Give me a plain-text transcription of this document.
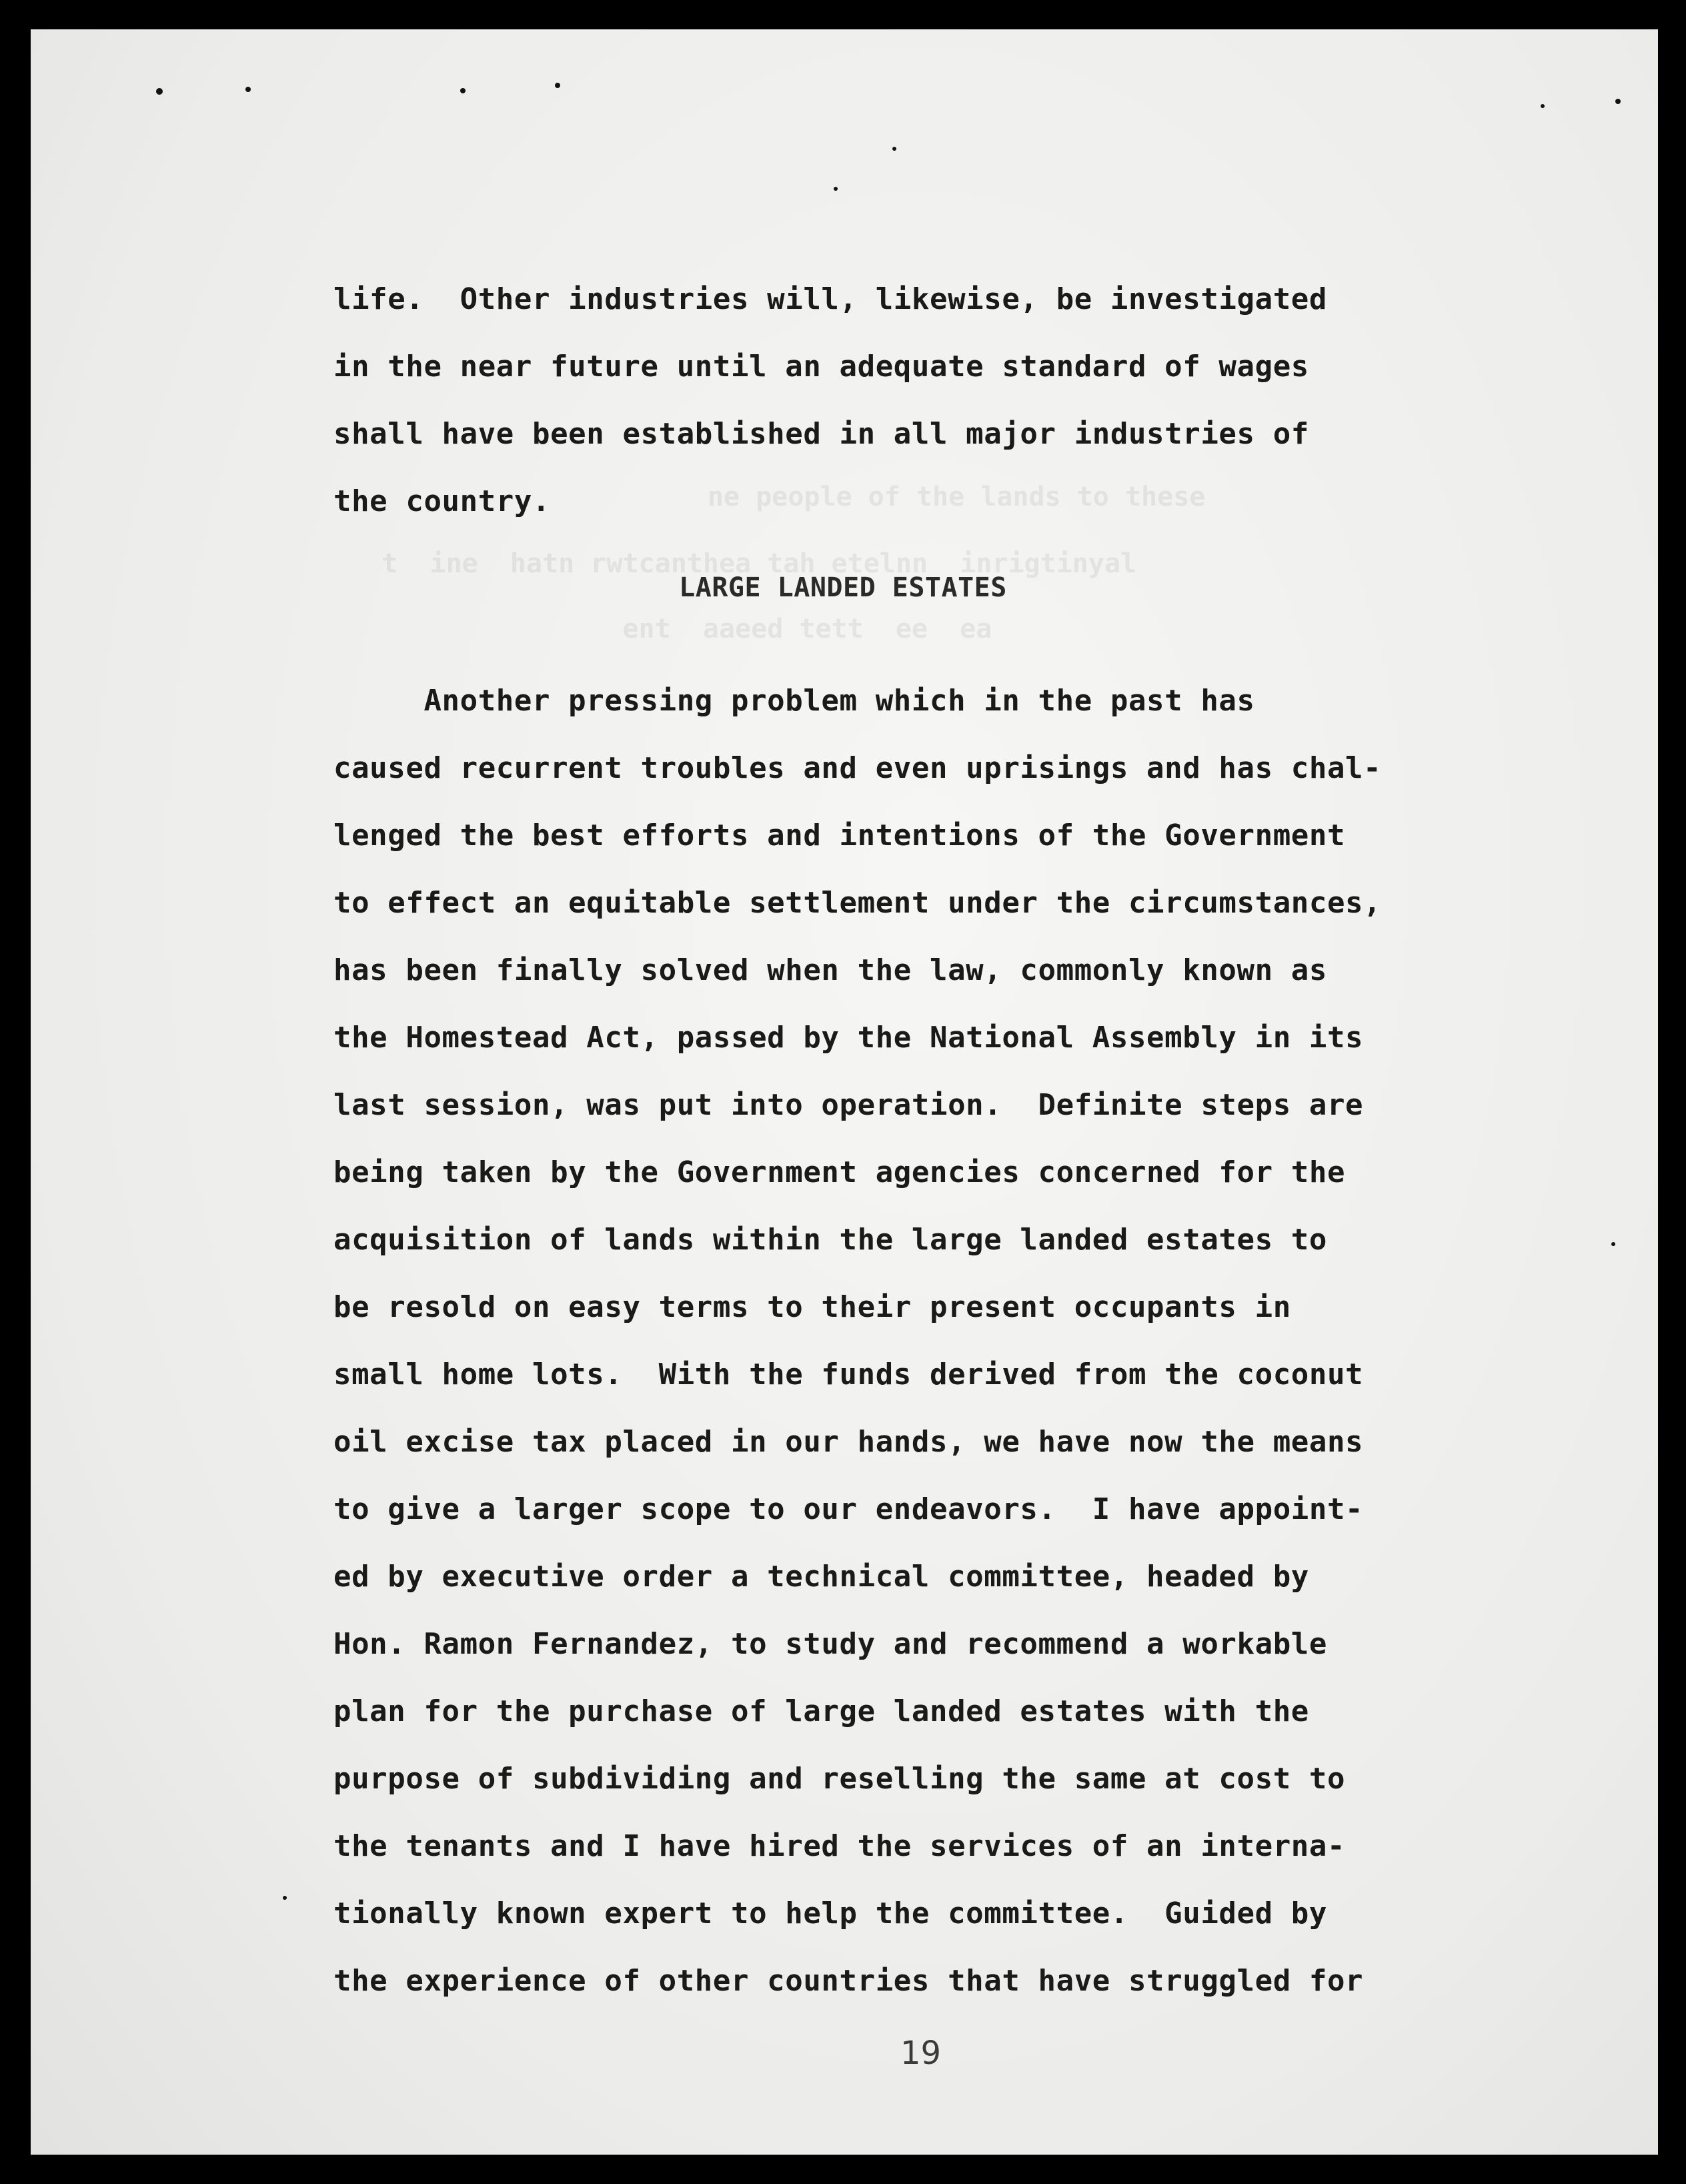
ne people of the lands to these
t  ine  hatn rwtcanthea tah etelnn  inrigtinyal
ent  aaeed tett  ee  ea
LARGE LANDED ESTATES
life.  Other industries will, likewise, be investigated
in the near future until an adequate standard of wages
shall have been established in all major industries of
the country.
Another pressing problem which in the past has
caused recurrent troubles and even uprisings and has chal-
lenged the best efforts and intentions of the Government
to effect an equitable settlement under the circumstances,
has been finally solved when the law, commonly known as
the Homestead Act, passed by the National Assembly in its
last session, was put into operation.  Definite steps are
being taken by the Government agencies concerned for the
acquisition of lands within the large landed estates to
be resold on easy terms to their present occupants in
small home lots.  With the funds derived from the coconut
oil excise tax placed in our hands, we have now the means
to give a larger scope to our endeavors.  I have appoint-
ed by executive order a technical committee, headed by
Hon. Ramon Fernandez, to study and recommend a workable
plan for the purchase of large landed estates with the
purpose of subdividing and reselling the same at cost to
the tenants and I have hired the services of an interna-
tionally known expert to help the committee.  Guided by
the experience of other countries that have struggled for
19
